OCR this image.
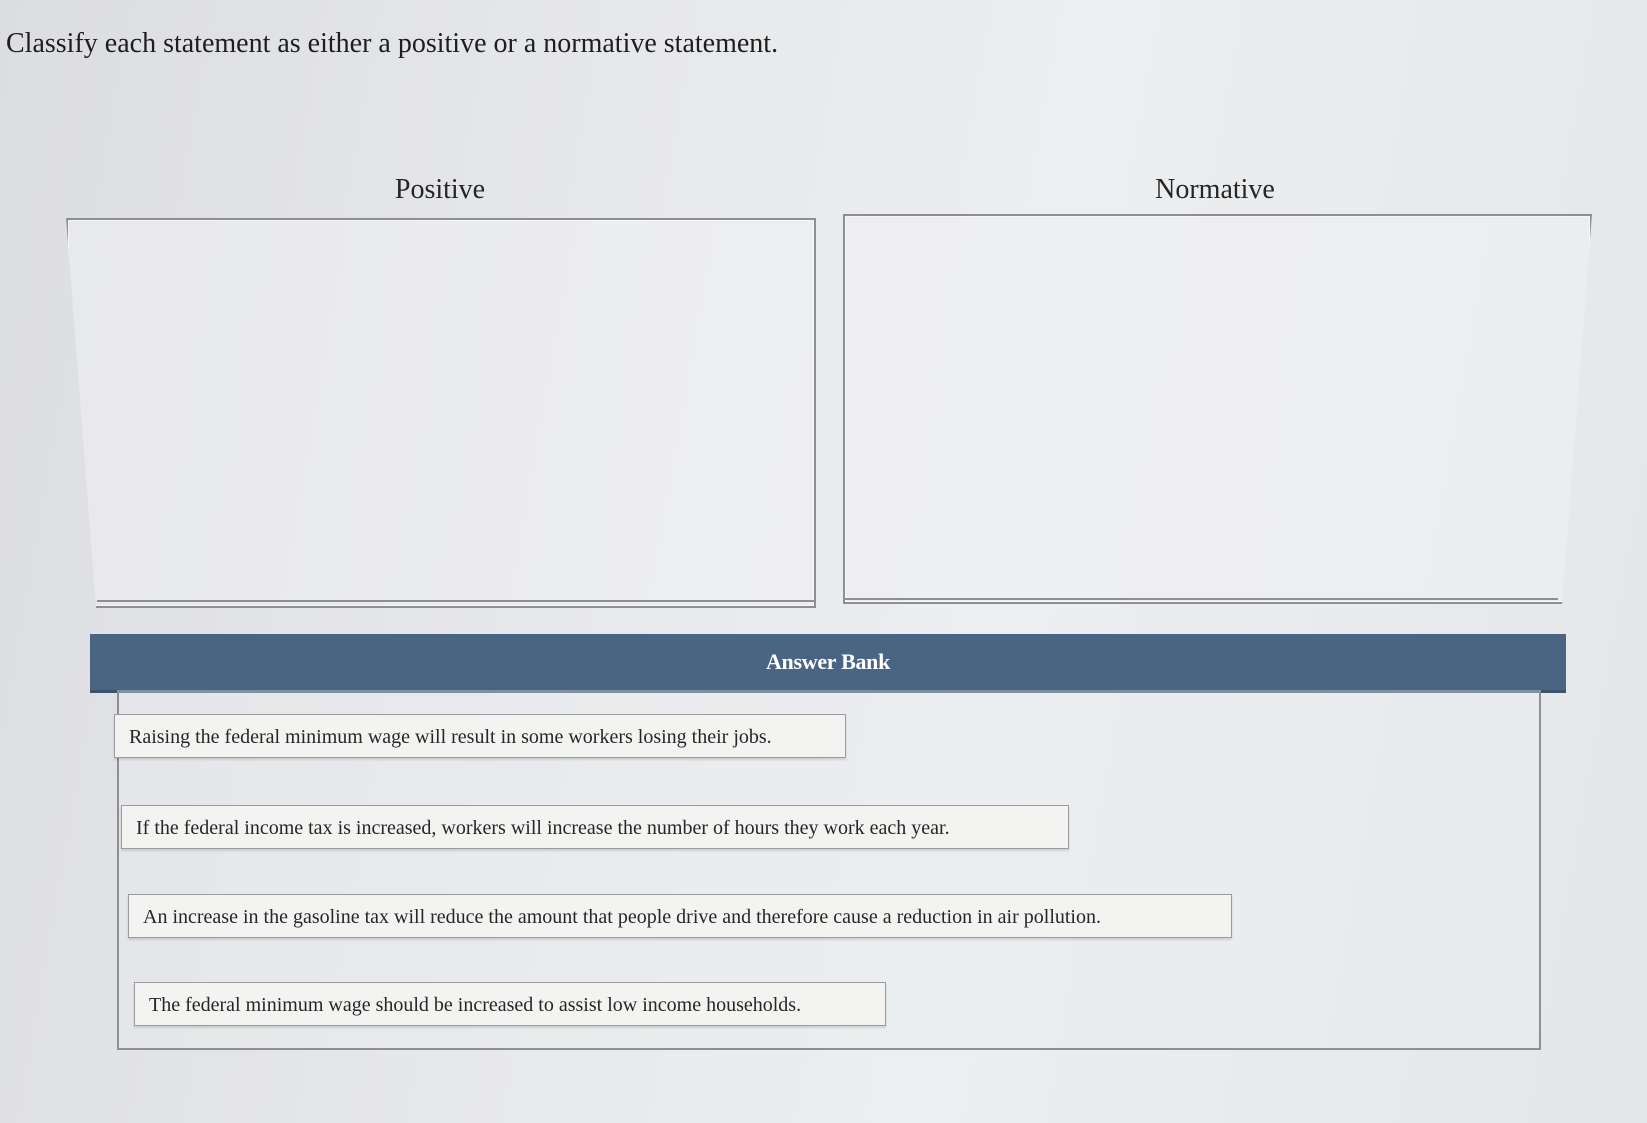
Classify each statement as either a positive or a normative statement.
Positive	Normative
Answer Bank
Raising the federal minimum wage will result in some workers losing their jobs.
If the federal income tax is increased, workers will increase the number of hours they work each year.
An increase in the gasoline tax will reduce the amount that people drive and therefore cause a reduction in air pollution.
The federal minimum wage should be increased to assist low income households.
